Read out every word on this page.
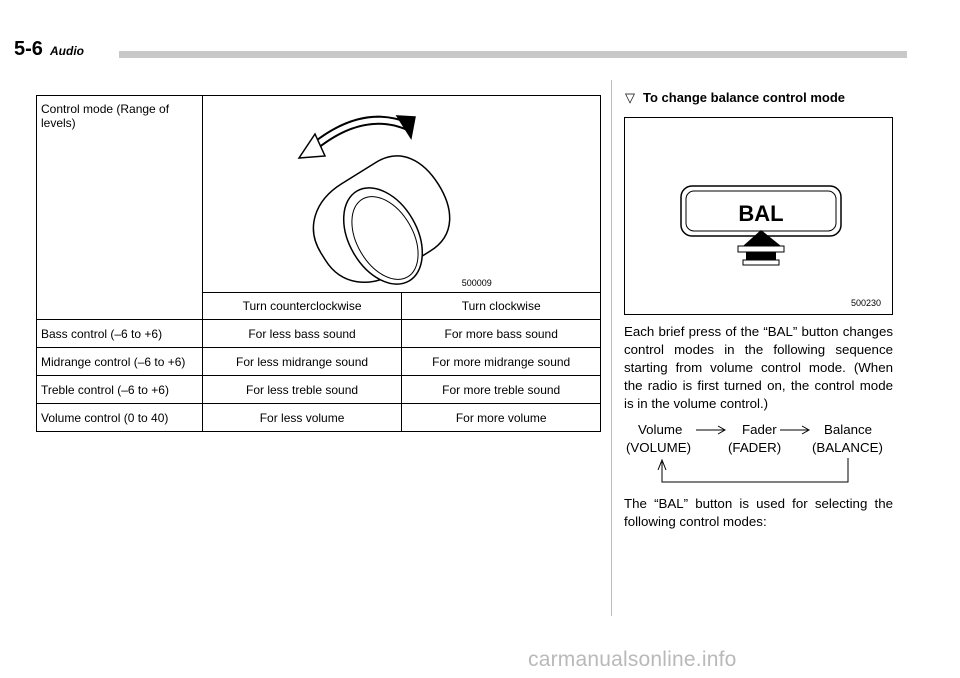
5-6 Audio
Control mode (Range of levels)	500009	

	Turn counterclockwise	Turn clockwise
Bass control (–6 to +6)	For less bass sound	For more bass sound
Midrange control (–6 to +6)	For less midrange sound	For more midrange sound
Treble control (–6 to +6)	For less treble sound	For more treble sound
Volume control (0 to 40)	For less volume	For more volume
▽ To change balance control mode
BAL
500230
Each brief press of the “BAL” button changes control modes in the following sequence starting from volume control mode. (When the radio is first turned on, the control mode is in the volume control.)
Volume
(VOLUME)
Fader
(FADER)
Balance
(BALANCE)
The “BAL” button is used for selecting the following control modes:
carmanualsonline.info
